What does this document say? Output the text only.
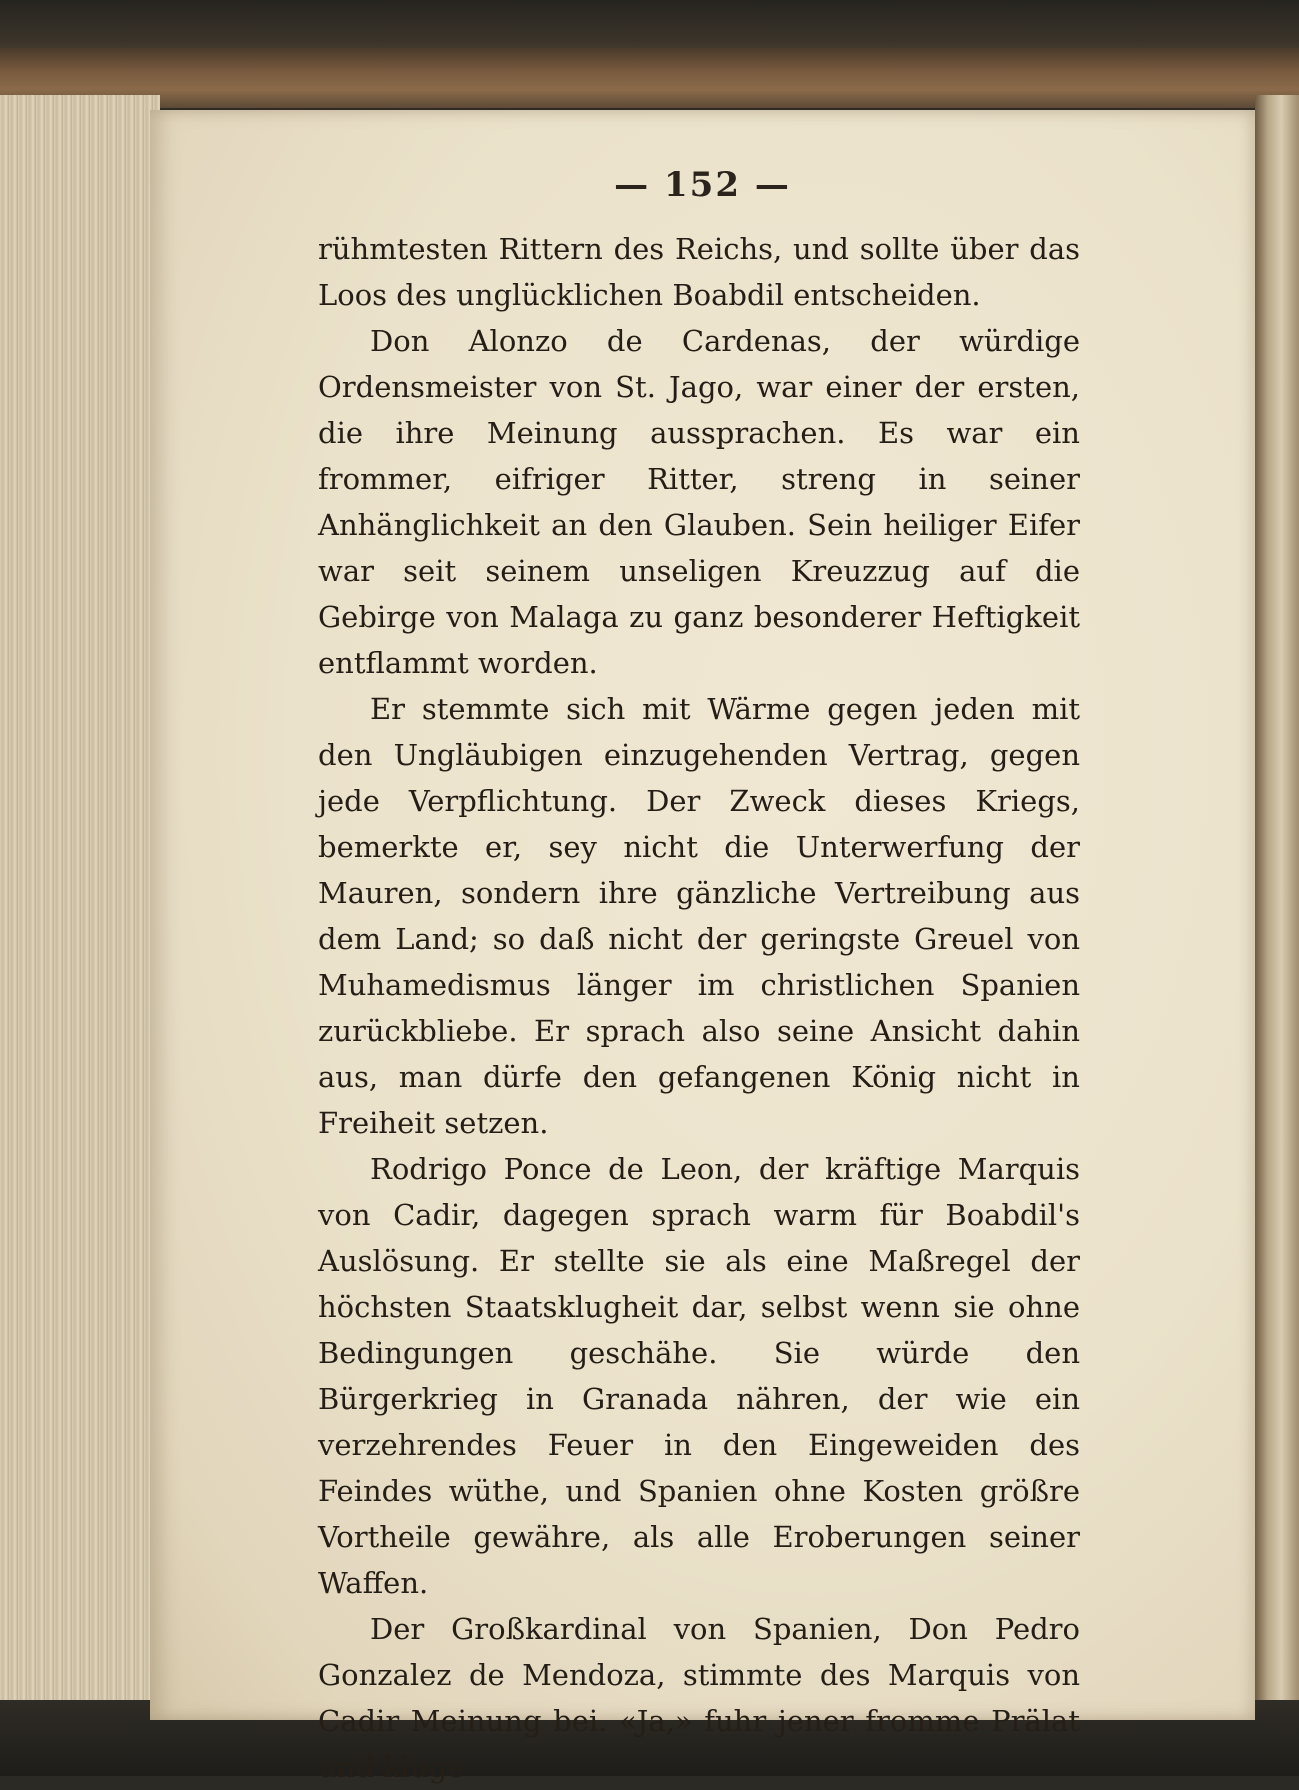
— 152 —

rühmtesten Rittern des Reichs, und sollte über das Loos des unglücklichen Boabdil entscheiden.

Don Alonzo de Cardenas, der würdige Ordensmeister von St. Jago, war einer der ersten, die ihre Meinung aussprachen. Es war ein frommer, eifriger Ritter, streng in seiner Anhänglichkeit an den Glauben. Sein heiliger Eifer war seit seinem unseligen Kreuzzug auf die Gebirge von Malaga zu ganz besonderer Heftigkeit entflammt worden.

Er stemmte sich mit Wärme gegen jeden mit den Ungläubigen einzugehenden Vertrag, gegen jede Verpflichtung. Der Zweck dieses Kriegs, bemerkte er, sey nicht die Unterwerfung der Mauren, sondern ihre gänzliche Vertreibung aus dem Land; so daß nicht der geringste Greuel von Muhamedismus länger im christlichen Spanien zurückbliebe. Er sprach also seine Ansicht dahin aus, man dürfe den gefangenen König nicht in Freiheit setzen.

Rodrigo Ponce de Leon, der kräftige Marquis von Cadir, dagegen sprach warm für Boabdil's Auslösung. Er stellte sie als eine Maßregel der höchsten Staatsklugheit dar, selbst wenn sie ohne Bedingungen geschähe. Sie würde den Bürgerkrieg in Granada nähren, der wie ein verzehrendes Feuer in den Eingeweiden des Feindes wüthe, und Spanien ohne Kosten größre Vortheile gewähre, als alle Eroberungen seiner Waffen.

Der Großkardinal von Spanien, Don Pedro Gonzalez de Mendoza, stimmte des Marquis von Cadir Meinung bei. «Ja,» fuhr jener fromme Prälat und kluge
